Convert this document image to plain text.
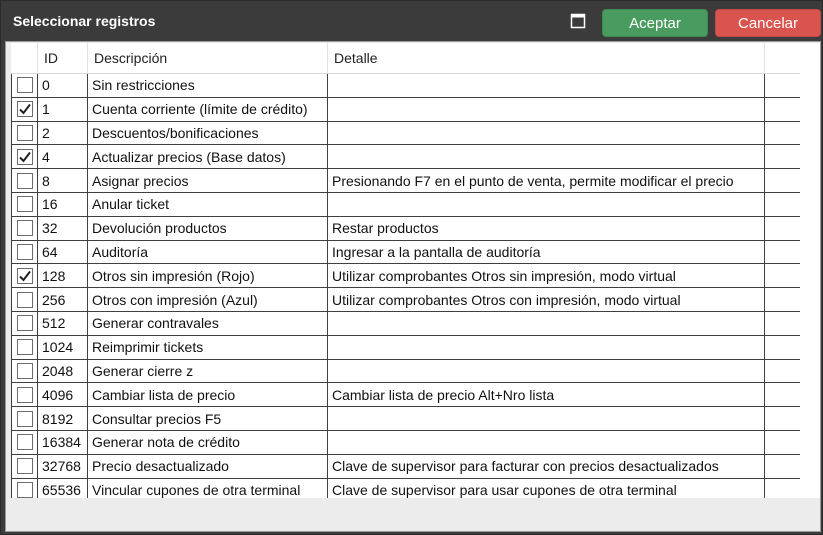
Seleccionar registros	Aceptar	Cancelar
ID	Descripción	Detalle
0	Sin restricciones
1	Cuenta corriente (límite de crédito)
2	Descuentos/bonificaciones
4	Actualizar precios (Base datos)
8	Asignar precios	Presionando F7 en el punto de venta, permite modificar el precio
16	Anular ticket
32	Devolución productos	Restar productos
64	Auditoría	Ingresar a la pantalla de auditoría
128	Otros sin impresión (Rojo)	Utilizar comprobantes Otros sin impresión, modo virtual
256	Otros con impresión (Azul)	Utilizar comprobantes Otros con impresión, modo virtual
512	Generar contravales
1024	Reimprimir tickets
2048	Generar cierre z
4096	Cambiar lista de precio	Cambiar lista de precio Alt+Nro lista
8192	Consultar precios F5
16384 Generar nota de crédito
32768 Precio desactualizado	Clave de supervisor para facturar con precios desactualizados
65536 Vincular cupones de otra terminal	Clave de supervisor para usar cupones de otra terminal
